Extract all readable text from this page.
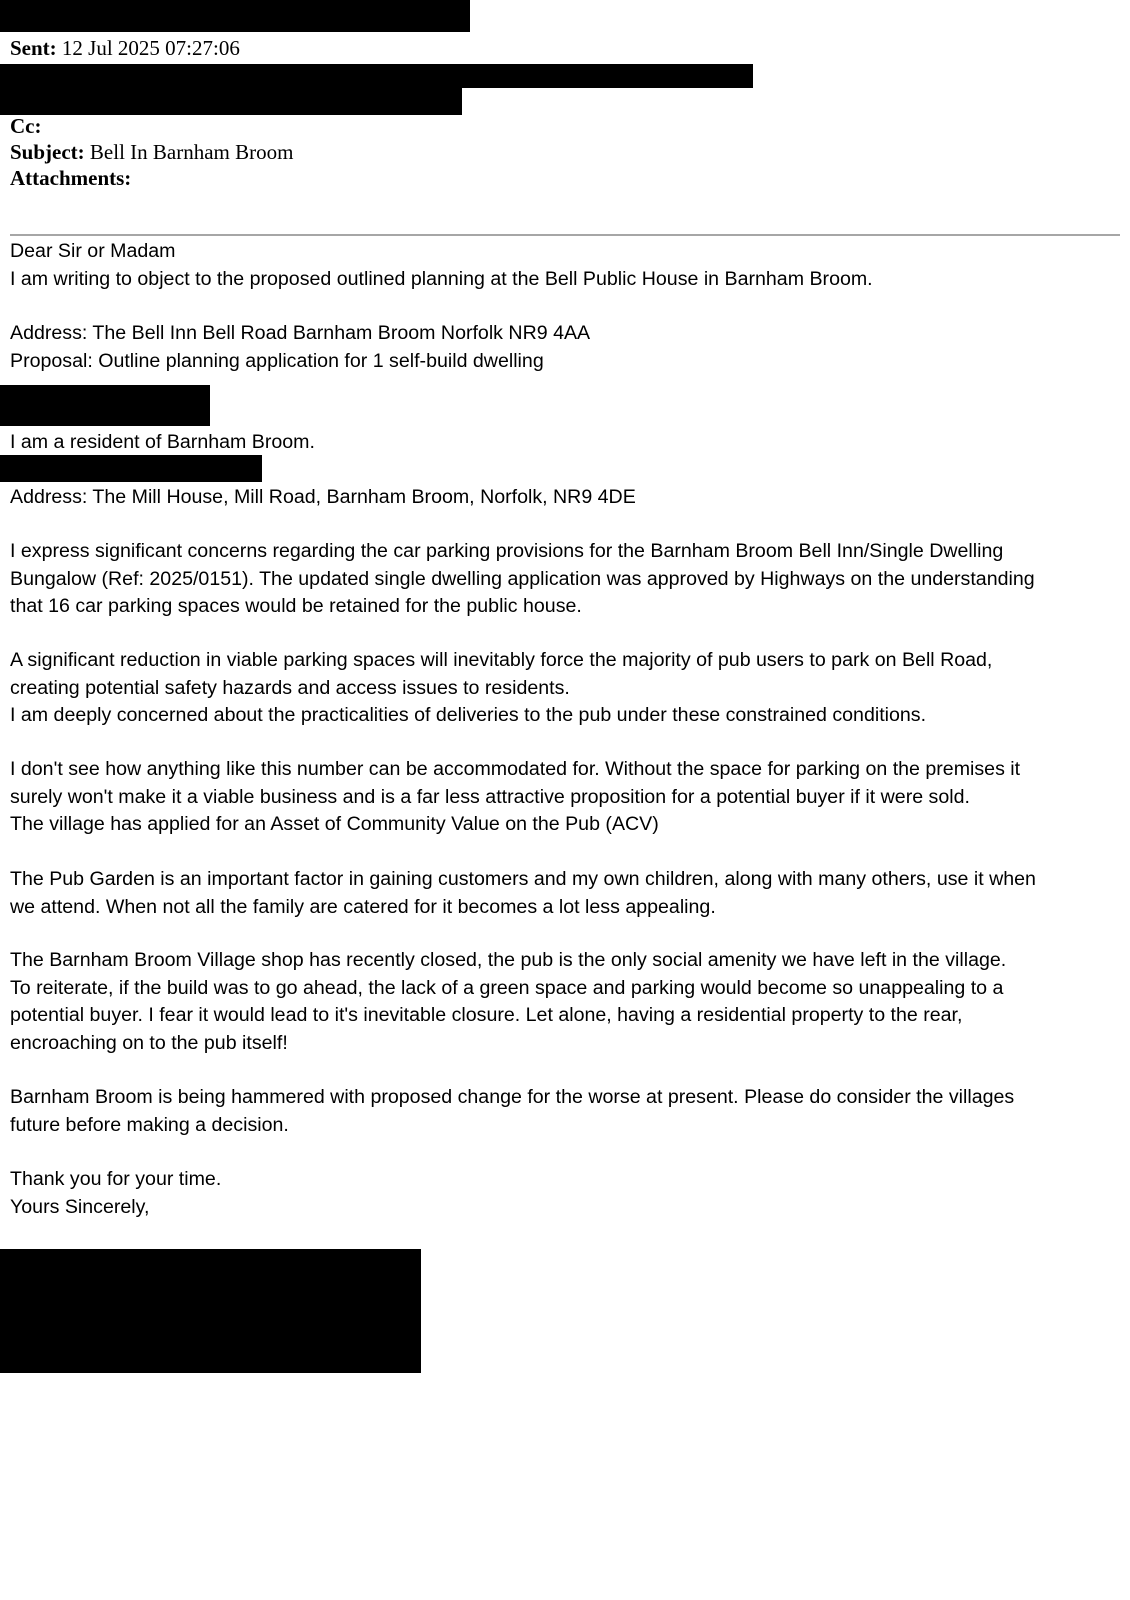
Sent: 12 Jul 2025 07:27:06
Cc:
Subject: Bell In Barnham Broom
Attachments:
Dear Sir or Madam
I am writing to object to the proposed outlined planning at the Bell Public House in Barnham Broom.
Address: The Bell Inn Bell Road Barnham Broom Norfolk NR9 4AA
Proposal: Outline planning application for 1 self-build dwelling
I am a resident of Barnham Broom.
Address: The Mill House, Mill Road, Barnham Broom, Norfolk, NR9 4DE
I express significant concerns regarding the car parking provisions for the Barnham Broom Bell Inn/Single Dwelling
Bungalow (Ref: 2025/0151). The updated single dwelling application was approved by Highways on the understanding
that 16 car parking spaces would be retained for the public house.
A significant reduction in viable parking spaces will inevitably force the majority of pub users to park on Bell Road,
creating potential safety hazards and access issues to residents.
I am deeply concerned about the practicalities of deliveries to the pub under these constrained conditions.
I don't see how anything like this number can be accommodated for. Without the space for parking on the premises it
surely won't make it a viable business and is a far less attractive proposition for a potential buyer if it were sold.
The village has applied for an Asset of Community Value on the Pub (ACV)
The Pub Garden is an important factor in gaining customers and my own children, along with many others, use it when
we attend. When not all the family are catered for it becomes a lot less appealing.
The Barnham Broom Village shop has recently closed, the pub is the only social amenity we have left in the village.
To reiterate, if the build was to go ahead, the lack of a green space and parking would become so unappealing to a
potential buyer. I fear it would lead to it's inevitable closure. Let alone, having a residential property to the rear,
encroaching on to the pub itself!
Barnham Broom is being hammered with proposed change for the worse at present. Please do consider the villages
future before making a decision.
Thank you for your time.
Yours Sincerely,
